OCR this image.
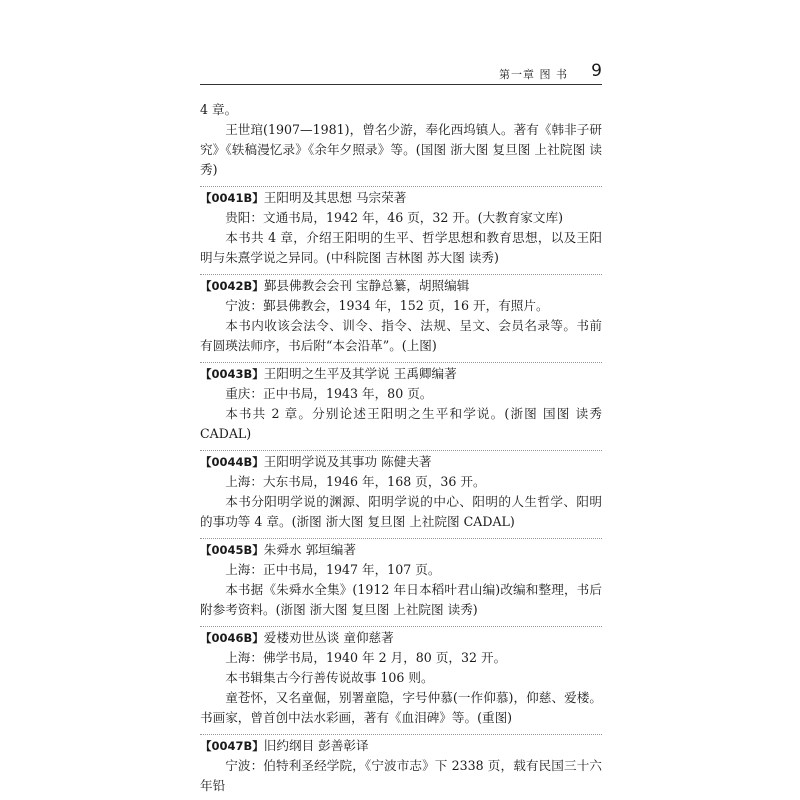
第一章 图 书 9

4 章。

王世琯(1907—1981)，曾名少游，奉化西坞镇人。著有《韩非子研究》《轶稿漫忆录》《余年夕照录》等。(国图 浙大图 复旦图 上社院图 读秀)

【0041B】王阳明及其思想 马宗荣著

贵阳：文通书局，1942 年，46 页，32 开。(大教育家文库)

本书共 4 章，介绍王阳明的生平、哲学思想和教育思想，以及王阳明与朱熹学说之异同。(中科院图 吉林图 苏大图 读秀)

【0042B】鄞县佛教会会刊 宝静总纂，胡照编辑

宁波：鄞县佛教会，1934 年，152 页，16 开，有照片。

本书内收该会法令、训令、指令、法规、呈文、会员名录等。书前有圆瑛法师序，书后附“本会沿革”。(上图)

【0043B】王阳明之生平及其学说 王禹卿编著

重庆：正中书局，1943 年，80 页。

本书共 2 章。分别论述王阳明之生平和学说。(浙图 国图 读秀 CADAL)

【0044B】王阳明学说及其事功 陈健夫著

上海：大东书局，1946 年，168 页，36 开。

本书分阳明学说的渊源、阳明学说的中心、阳明的人生哲学、阳明的事功等 4 章。(浙图 浙大图 复旦图 上社院图 CADAL)

【0045B】朱舜水 郭垣编著

上海：正中书局，1947 年，107 页。

本书据《朱舜水全集》(1912 年日本稻叶君山编)改编和整理，书后附参考资料。(浙图 浙大图 复旦图 上社院图 读秀)

【0046B】爱楼劝世丛谈 童仰慈著

上海：佛学书局，1940 年 2 月，80 页，32 开。

本书辑集古今行善传说故事 106 则。

童苍怀，又名童倔，别署童隐，字号仲慕(一作仰慕)，仰慈、爱楼。书画家，曾首创中法水彩画，著有《血泪碑》等。(重图)

【0047B】旧约纲目 彭善彰译

宁波：伯特利圣经学院，《宁波市志》下 2338 页，载有民国三十六年铅
